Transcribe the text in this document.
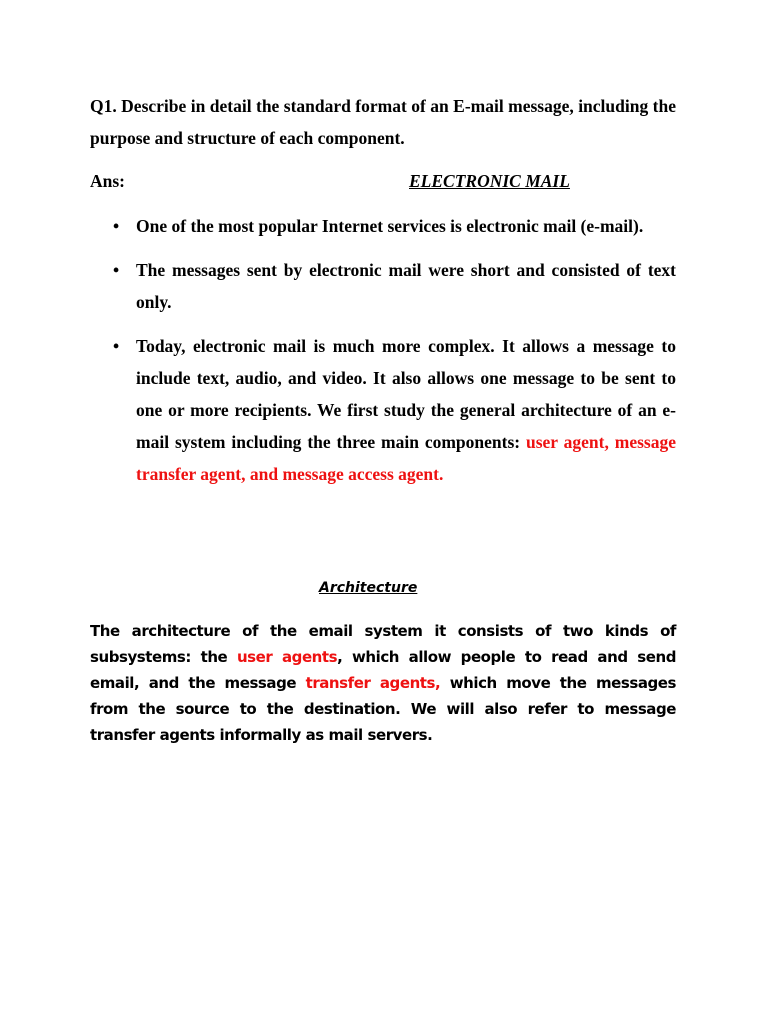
Q1. Describe in detail the standard format of an E-mail message, including the purpose and structure of each component.

Ans:	ELECTRONIC MAIL
• One of the most popular Internet services is electronic mail (e-mail).
• The messages sent by electronic mail were short and consisted of text only.
• Today, electronic mail is much more complex. It allows a message to include text, audio, and video. It also allows one message to be sent to one or more recipients. We first study the general architecture of an e-mail system including the three main components: user agent, message transfer agent, and message access agent.
Architecture

The architecture of the email system it consists of two kinds of subsystems: the user agents, which allow people to read and send email, and the message transfer agents, which move the messages from the source to the destination. We will also refer to message transfer agents informally as mail servers.
